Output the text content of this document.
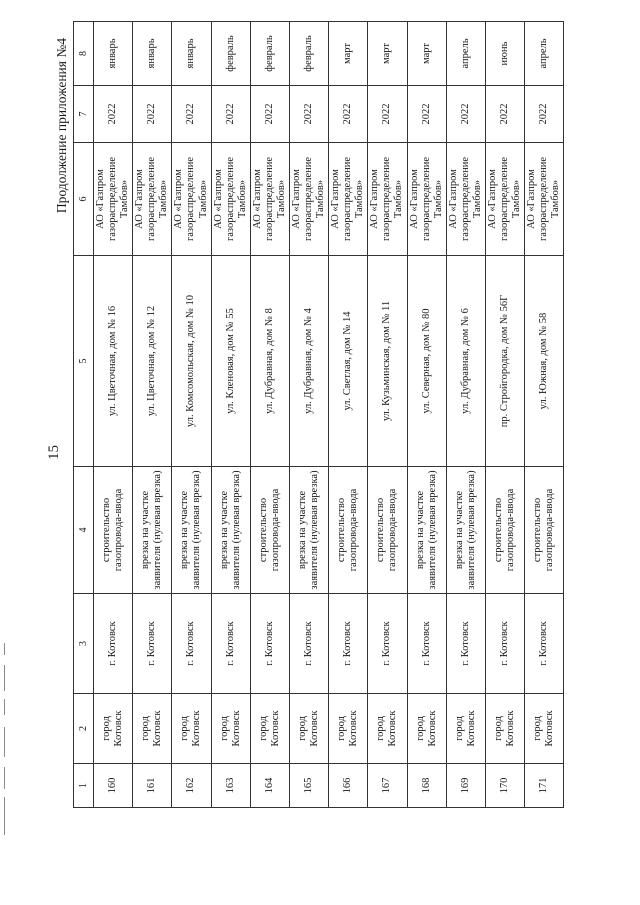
15
Продолжение приложения №4
1	2	3	4	5	6	7	8
160	город Котовск	г. Котовск	строительство газопровода-ввода	ул. Цветочная, дом № 16	АО «Газпром газораспределение Тамбов»	2022	январь
161	город Котовск	г. Котовск	врезка на участке заявителя (нулевая врезка)	ул. Цветочная, дом № 12	АО «Газпром газораспределение Тамбов»	2022	январь
162	город Котовск	г. Котовск	врезка на участке заявителя (нулевая врезка)	ул. Комсомольская, дом № 10	АО «Газпром газораспределение Тамбов»	2022	январь
163	город Котовск	г. Котовск	врезка на участке заявителя (нулевая врезка)	ул. Кленовая, дом № 55	АО «Газпром газораспределение Тамбов»	2022	февраль
164	город Котовск	г. Котовск	строительство газопровода-ввода	ул. Дубравная, дом № 8	АО «Газпром газораспределение Тамбов»	2022	февраль
165	город Котовск	г. Котовск	врезка на участке заявителя (нулевая врезка)	ул. Дубравная, дом № 4	АО «Газпром газораспределение Тамбов»	2022	февраль
166	город Котовск	г. Котовск	строительство газопровода-ввода	ул. Светлая, дом № 14	АО «Газпром газораспределение Тамбов»	2022	март
167	город Котовск	г. Котовск	строительство газопровода-ввода	ул. Кузьминская, дом № 11	АО «Газпром газораспределение Тамбов»	2022	март
168	город Котовск	г. Котовск	врезка на участке заявителя (нулевая врезка)	ул. Северная, дом № 80	АО «Газпром газораспределение Тамбов»	2022	март
169	город Котовск	г. Котовск	врезка на участке заявителя (нулевая врезка)	ул. Дубравная, дом № 6	АО «Газпром газораспределение Тамбов»	2022	апрель
170	город Котовск	г. Котовск	строительство газопровода-ввода	пр. Стройгородка, дом № 56Г	АО «Газпром газораспределение Тамбов»	2022	июнь
171	город Котовск	г. Котовск	строительство газопровода-ввода	ул. Южная, дом № 58	АО «Газпром газораспределение Тамбов»	2022	апрель
